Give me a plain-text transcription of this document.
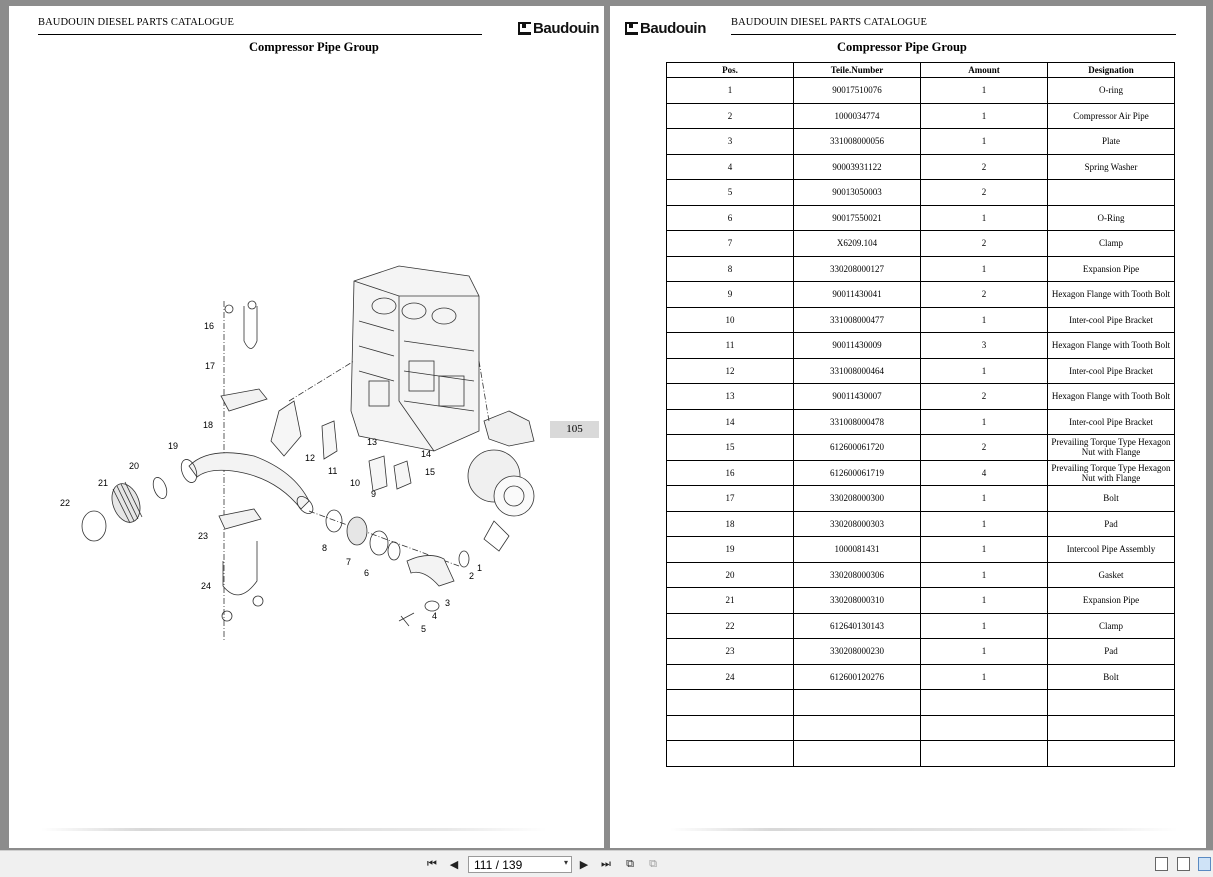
BAUDOUIN DIESEL PARTS CATALOGUE	Baudouin
Compressor Pipe Group
16
17
18
19
20
21
22
23
24
12
13
11
14
10
15
9
8
7
6	1
2
3
4
5
105
Baudouin BAUDOUIN DIESEL PARTS CATALOGUE
Compressor Pipe Group
Pos.	Teile.Number	Amount	Designation
1	90017510076	1	O-ring
2	1000034774	1	Compressor Air Pipe
3	331008000056	1	Plate
4	90003931122	2	Spring Washer
5	90013050003	2	
6	90017550021	1	O-Ring
7	X6209.104	2	Clamp
8	330208000127	1	Expansion Pipe
9	90011430041	2	Hexagon Flange with Tooth Bolt
10	331008000477	1	Inter-cool Pipe Bracket
11	90011430009	3	Hexagon Flange with Tooth Bolt
12	331008000464	1	Inter-cool Pipe Bracket
13	90011430007	2	Hexagon Flange with Tooth Bolt
14	331008000478	1	Inter-cool Pipe Bracket
15	612600061720	2	Prevailing Torque Type Hexagon Nut with Flange
16	612600061719	4	Prevailing Torque Type Hexagon Nut with Flange
17	330208000300	1	Bolt
18	330208000303	1	Pad
19	1000081431	1	Intercool Pipe Assembly
20	330208000306	1	Gasket
21	330208000310	1	Expansion Pipe
22	612640130143	1	Clamp
23	330208000230	1	Pad
24	612600120276	1	Bolt

⏮	◀	111 / 139	▾	▶	⏭	⧉	⧉
